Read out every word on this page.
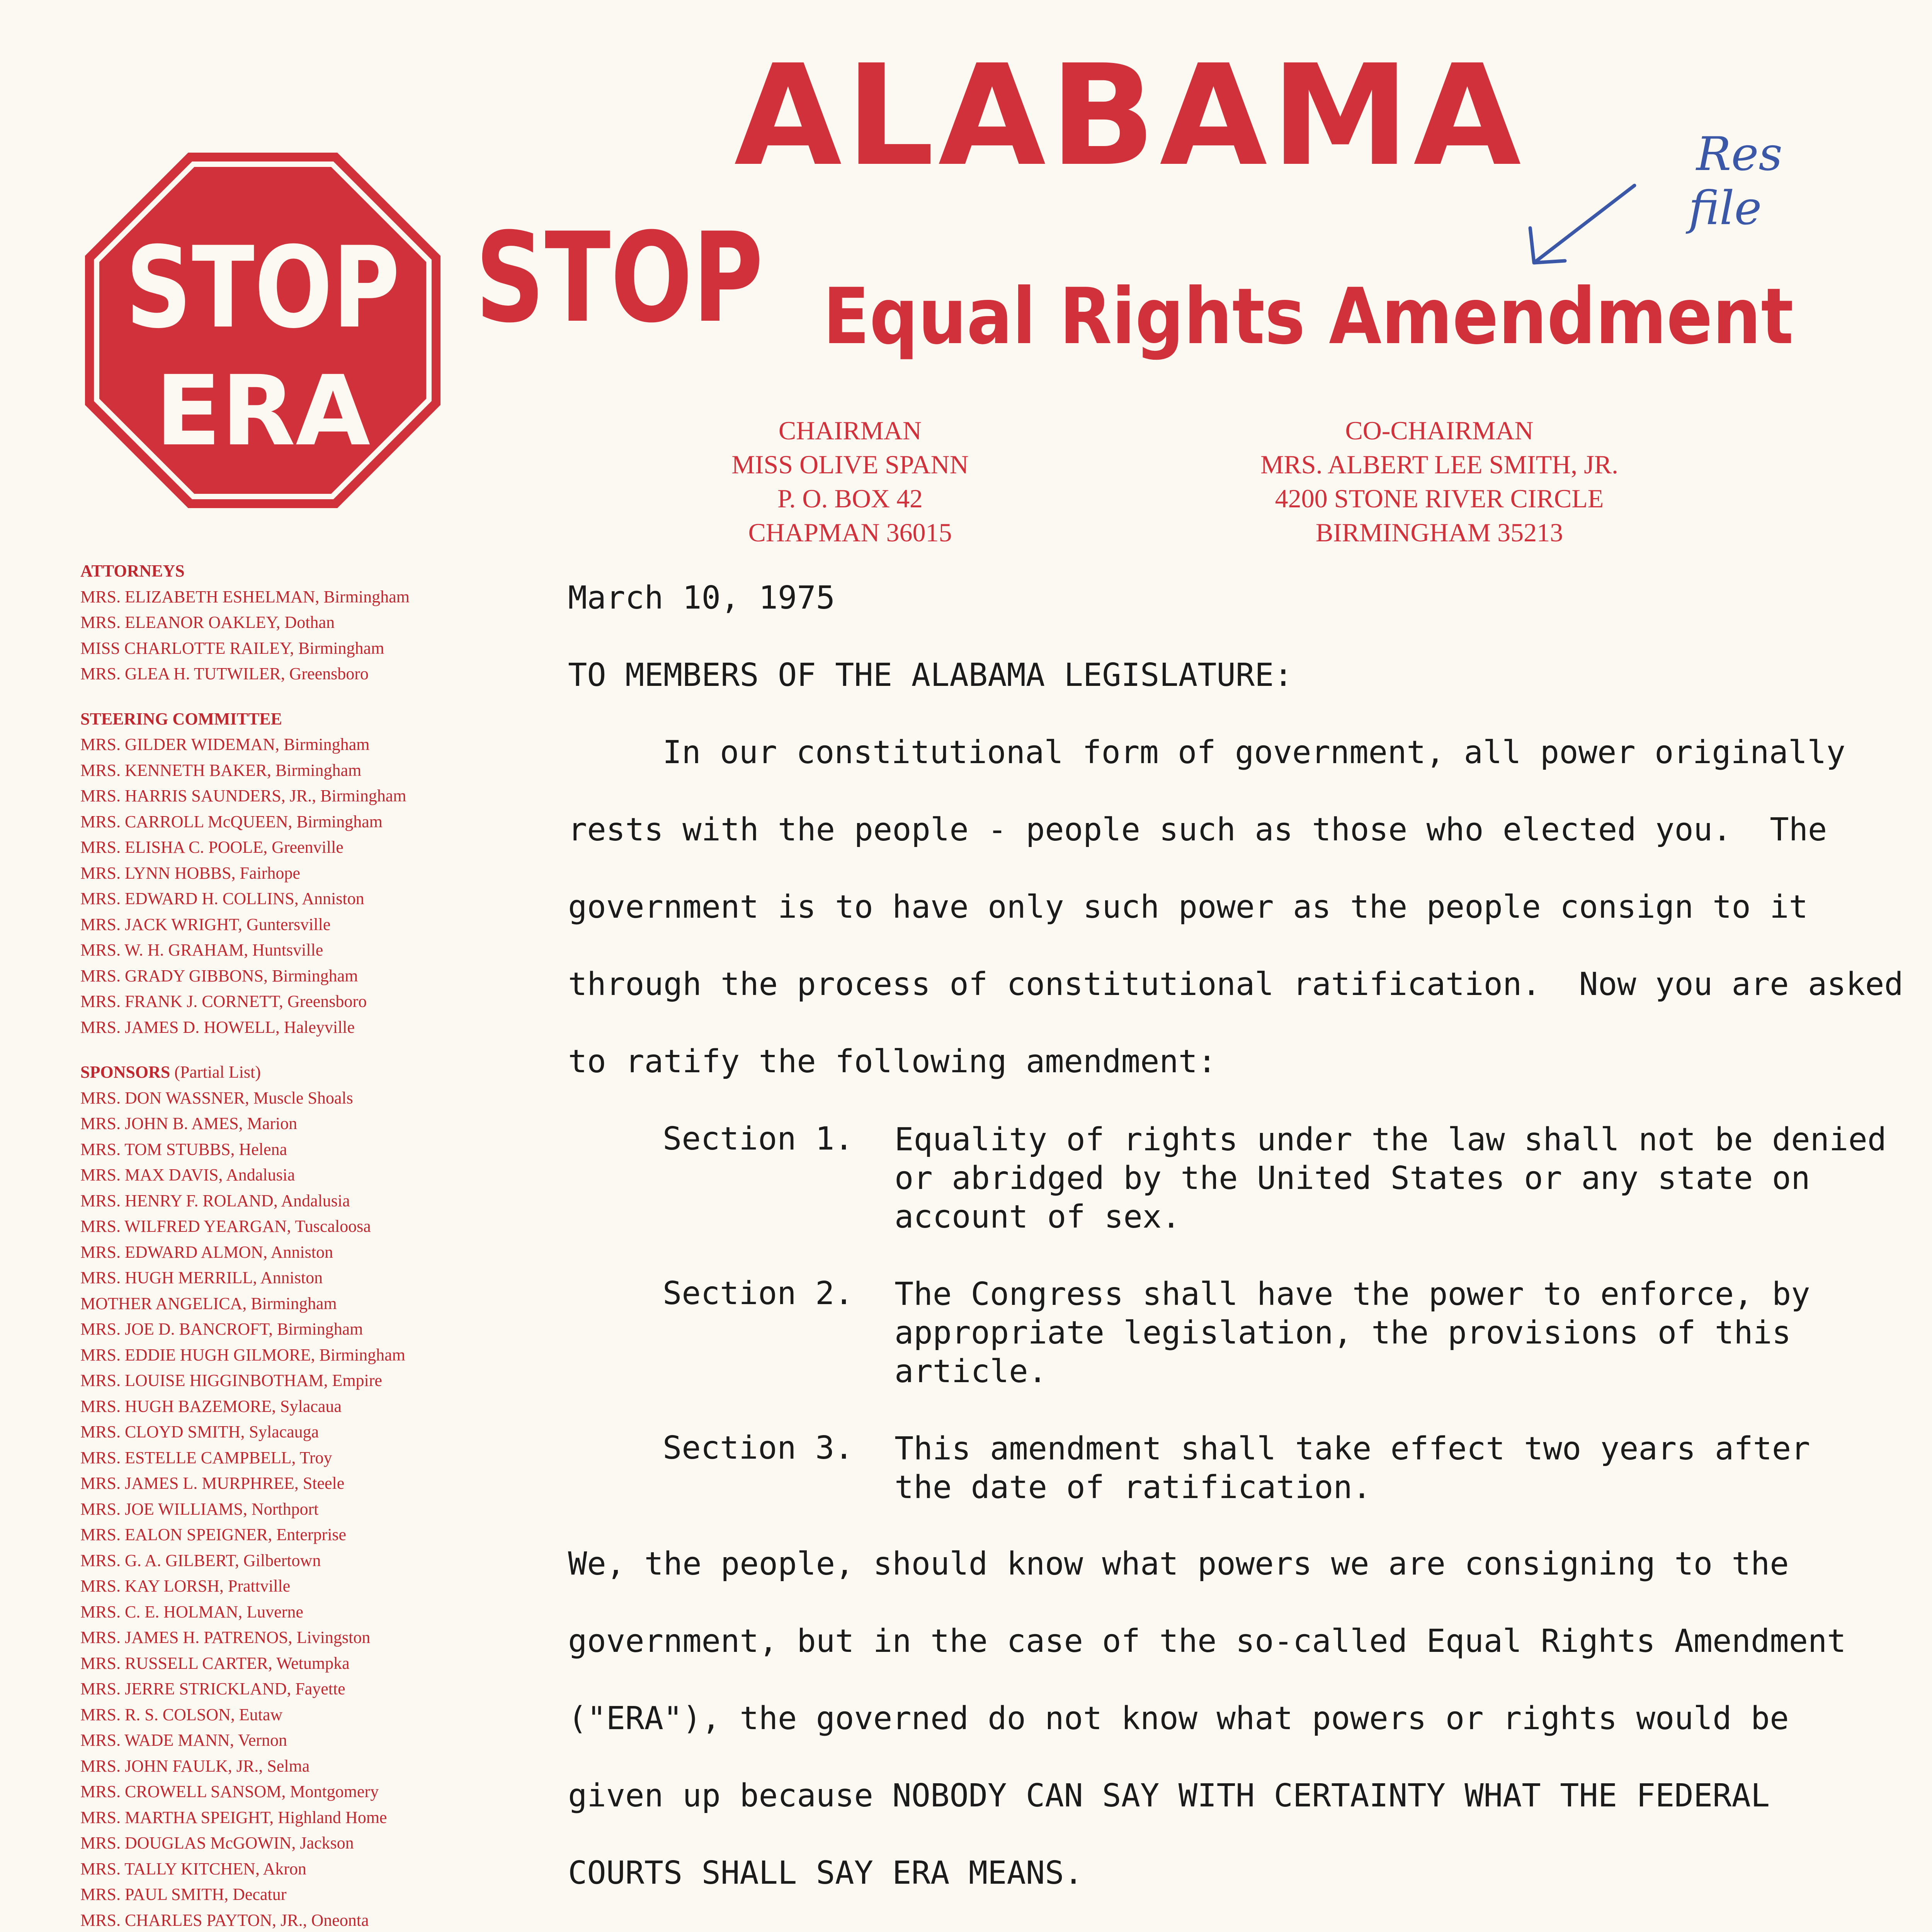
STOP
ERA
ALABAMA
STOP Equal Rights Amendment
Res
file
CHAIRMAN
MISS OLIVE SPANN
P. O. BOX 42
CHAPMAN 36015
CO-CHAIRMAN
MRS. ALBERT LEE SMITH, JR.
4200 STONE RIVER CIRCLE
BIRMINGHAM 35213
ATTORNEYS
MRS. ELIZABETH ESHELMAN, Birmingham
MRS. ELEANOR OAKLEY, Dothan
MISS CHARLOTTE RAILEY, Birmingham
MRS. GLEA H. TUTWILER, Greensboro
STEERING COMMITTEE
MRS. GILDER WIDEMAN, Birmingham
MRS. KENNETH BAKER, Birmingham
MRS. HARRIS SAUNDERS, JR., Birmingham
MRS. CARROLL McQUEEN, Birmingham
MRS. ELISHA C. POOLE, Greenville
MRS. LYNN HOBBS, Fairhope
MRS. EDWARD H. COLLINS, Anniston
MRS. JACK WRIGHT, Guntersville
MRS. W. H. GRAHAM, Huntsville
MRS. GRADY GIBBONS, Birmingham
MRS. FRANK J. CORNETT, Greensboro
MRS. JAMES D. HOWELL, Haleyville
SPONSORS (Partial List)
MRS. DON WASSNER, Muscle Shoals
MRS. JOHN B. AMES, Marion
MRS. TOM STUBBS, Helena
MRS. MAX DAVIS, Andalusia
MRS. HENRY F. ROLAND, Andalusia
MRS. WILFRED YEARGAN, Tuscaloosa
MRS. EDWARD ALMON, Anniston
MRS. HUGH MERRILL, Anniston
MOTHER ANGELICA, Birmingham
MRS. JOE D. BANCROFT, Birmingham
MRS. EDDIE HUGH GILMORE, Birmingham
MRS. LOUISE HIGGINBOTHAM, Empire
MRS. HUGH BAZEMORE, Sylacaua
MRS. CLOYD SMITH, Sylacauga
MRS. ESTELLE CAMPBELL, Troy
MRS. JAMES L. MURPHREE, Steele
MRS. JOE WILLIAMS, Northport
MRS. EALON SPEIGNER, Enterprise
MRS. G. A. GILBERT, Gilbertown
MRS. KAY LORSH, Prattville
MRS. C. E. HOLMAN, Luverne
MRS. JAMES H. PATRENOS, Livingston
MRS. RUSSELL CARTER, Wetumpka
MRS. JERRE STRICKLAND, Fayette
MRS. R. S. COLSON, Eutaw
MRS. WADE MANN, Vernon
MRS. JOHN FAULK, JR., Selma
MRS. CROWELL SANSOM, Montgomery
MRS. MARTHA SPEIGHT, Highland Home
MRS. DOUGLAS McGOWIN, Jackson
MRS. TALLY KITCHEN, Akron
MRS. PAUL SMITH, Decatur
MRS. CHARLES PAYTON, JR., Oneonta
March 10, 1975
TO MEMBERS OF THE ALABAMA LEGISLATURE:
In our constitutional form of government, all power originally
rests with the people - people such as those who elected you.  The
government is to have only such power as the people consign to it
through the process of constitutional ratification.  Now you are asked
to ratify the following amendment:
Section 1. Equality of rights under the law shall not be denied
or abridged by the United States or any state on
account of sex.
Section 2. The Congress shall have the power to enforce, by
appropriate legislation, the provisions of this
article.
Section 3. This amendment shall take effect two years after
the date of ratification.
We, the people, should know what powers we are consigning to the
government, but in the case of the so-called Equal Rights Amendment
("ERA"), the governed do not know what powers or rights would be
given up because NOBODY CAN SAY WITH CERTAINTY WHAT THE FEDERAL
COURTS SHALL SAY ERA MEANS.
